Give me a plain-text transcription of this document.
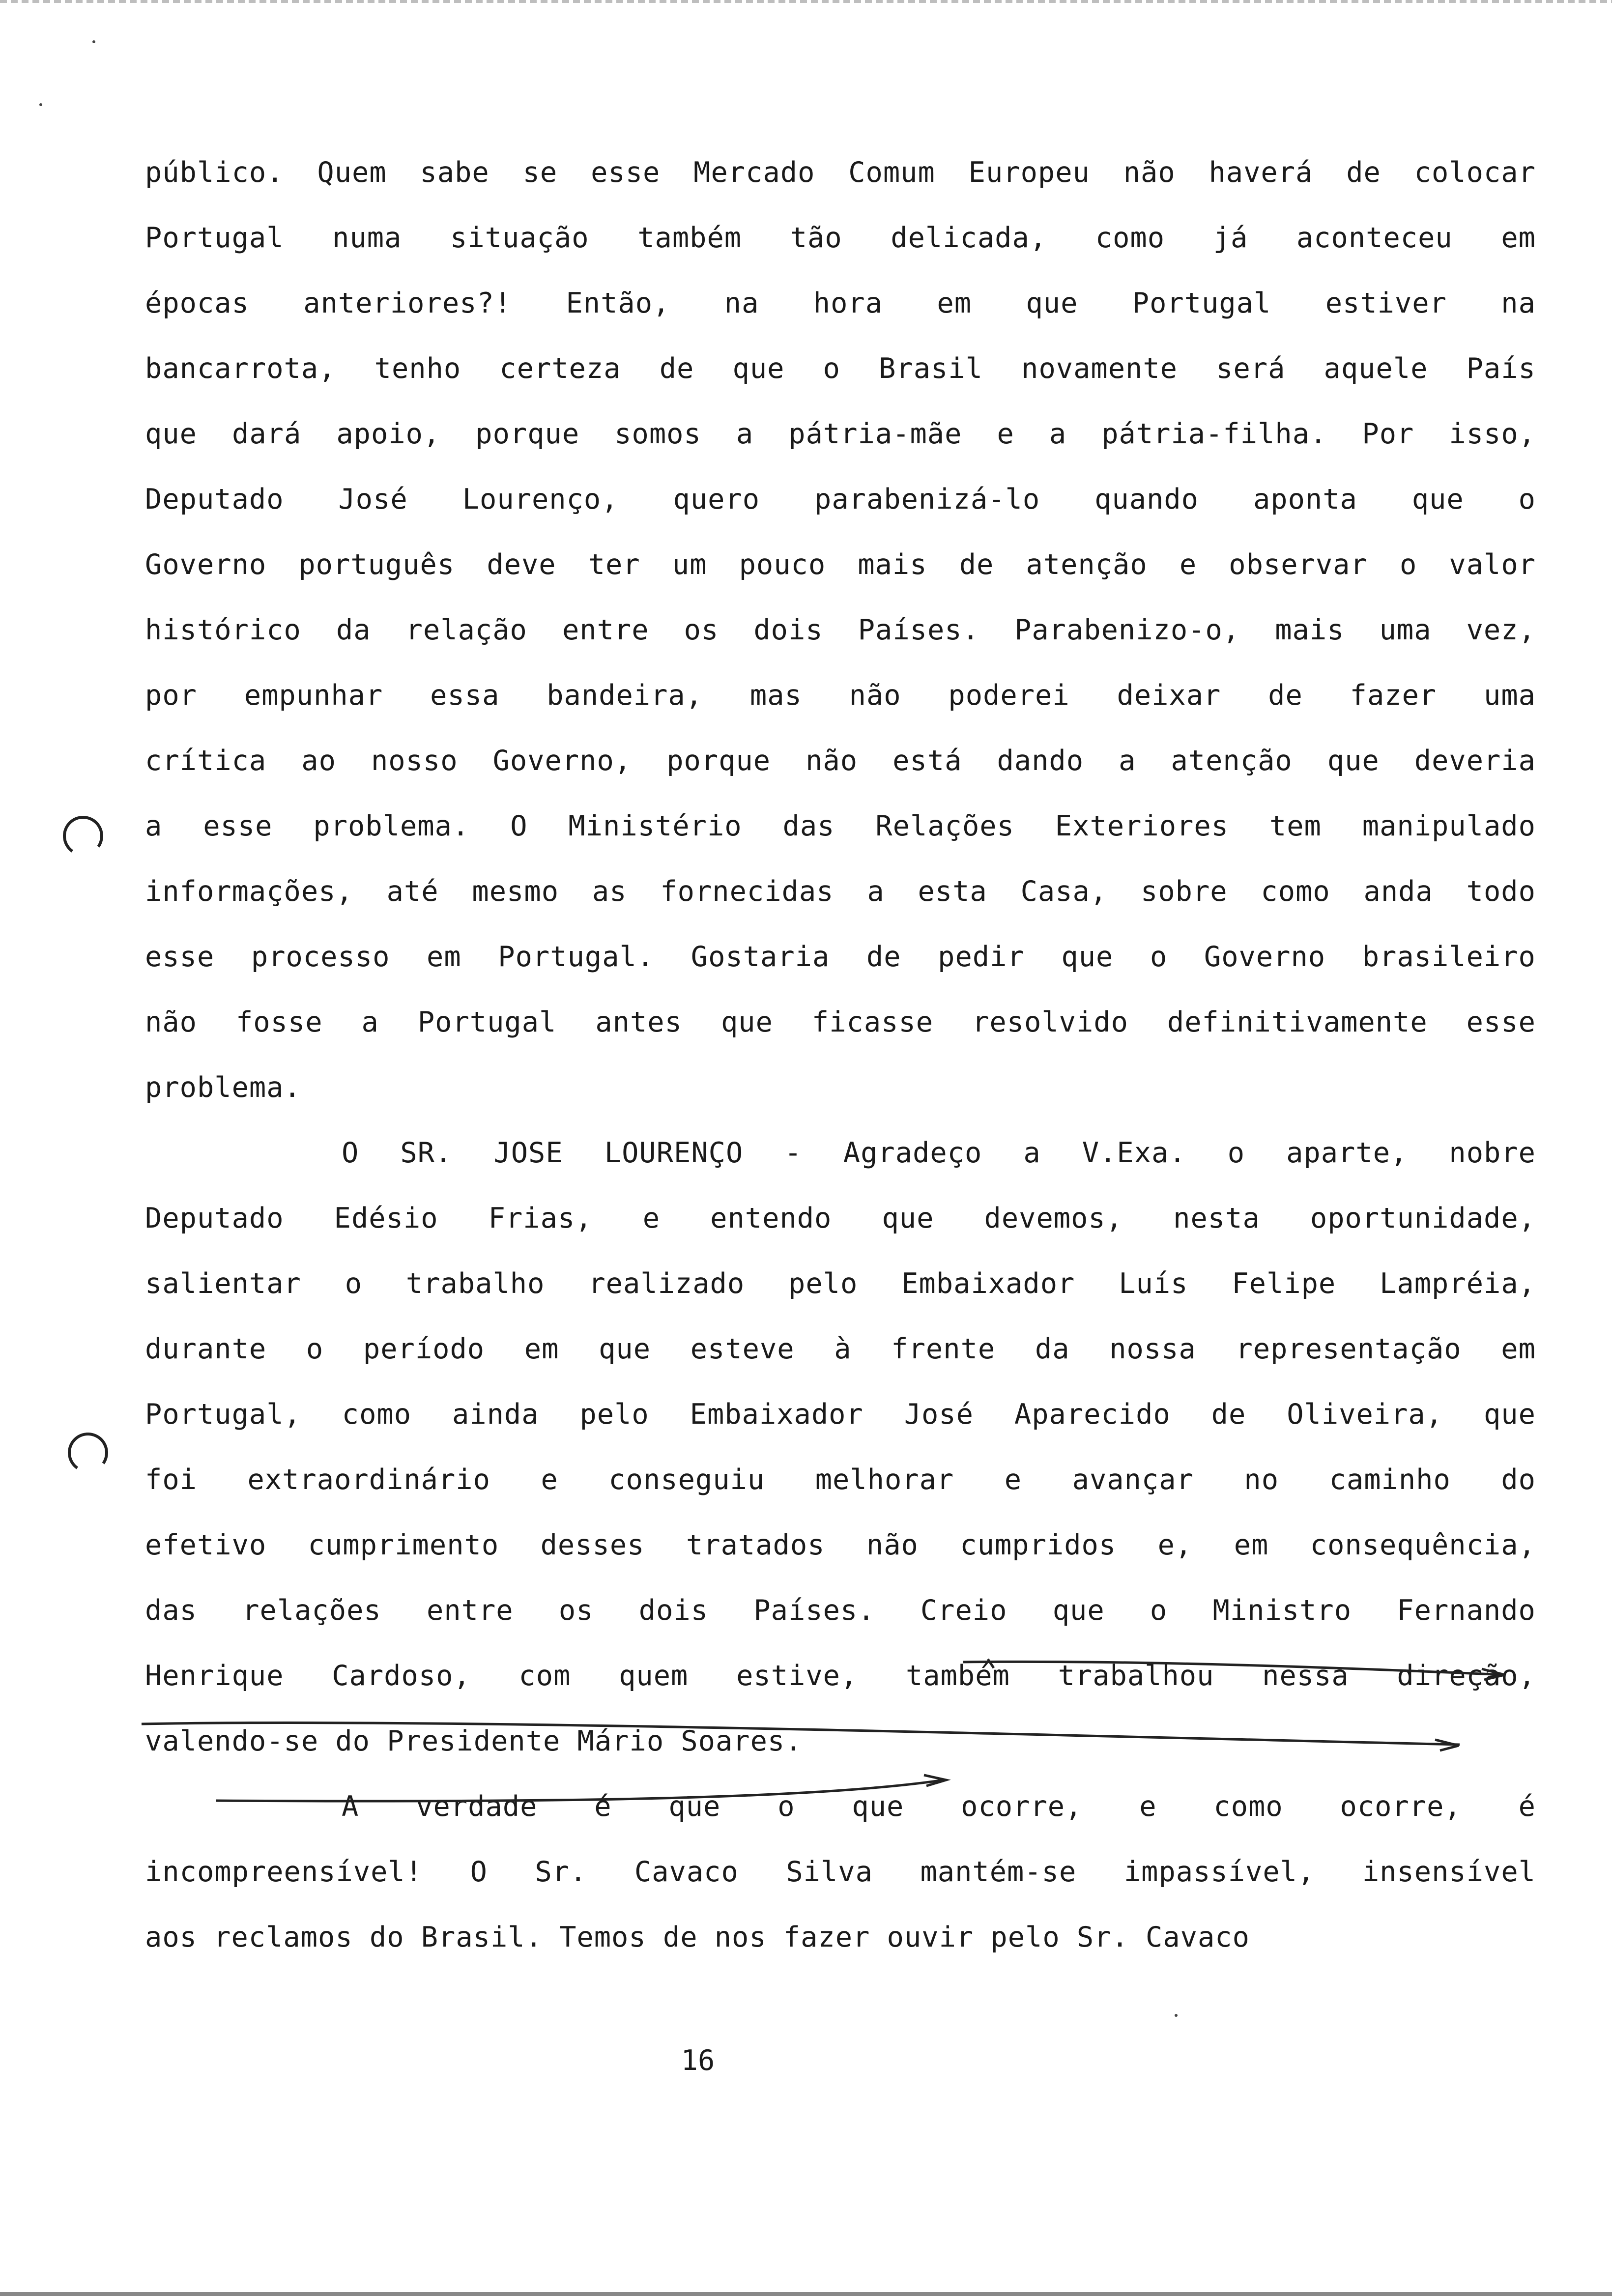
público. Quem sabe se esse Mercado Comum Europeu não haverá de colocar
Portugal numa situação também tão delicada, como já aconteceu em
épocas anteriores?! Então, na hora em que Portugal estiver na
bancarrota, tenho certeza de que o Brasil novamente será aquele País
que dará apoio, porque somos a pátria-mãe e a pátria-filha. Por isso,
Deputado José Lourenço, quero parabenizá-lo quando aponta que o
Governo português deve ter um pouco mais de atenção e observar o valor
histórico da relação entre os dois Países. Parabenizo-o, mais uma vez,
por empunhar essa bandeira, mas não poderei deixar de fazer uma
crítica ao nosso Governo, porque não está dando a atenção que deveria
a esse problema. O Ministério das Relações Exteriores tem manipulado
informações, até mesmo as fornecidas a esta Casa, sobre como anda todo
esse processo em Portugal. Gostaria de pedir que o Governo brasileiro
não fosse a Portugal antes que ficasse resolvido definitivamente esse
problema.
O SR. JOSE LOURENÇO - Agradeço a V.Exa. o aparte, nobre
Deputado Edésio Frias, e entendo que devemos, nesta oportunidade,
salientar o trabalho realizado pelo Embaixador Luís Felipe Lampréia,
durante o período em que esteve à frente da nossa representação em
Portugal, como ainda pelo Embaixador José Aparecido de Oliveira, que
foi extraordinário e conseguiu melhorar e avançar no caminho do
efetivo cumprimento desses tratados não cumpridos e, em consequência,
das relações entre os dois Países. Creio que o Ministro Fernando
Henrique Cardoso, com quem estive, também trabalhou nessa direção,
valendo-se do Presidente Mário Soares.
A verdade é que o que ocorre, e como ocorre, é
incompreensível! O Sr. Cavaco Silva mantém-se impassível, insensível
aos reclamos do Brasil. Temos de nos fazer ouvir pelo Sr. Cavaco
16
